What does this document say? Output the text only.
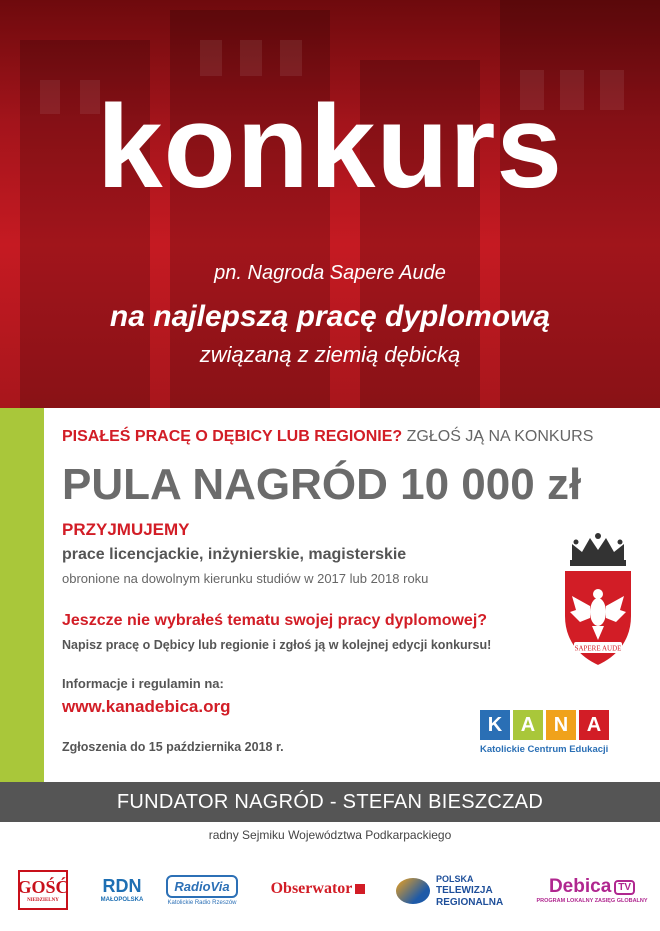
konkurs
pn. Nagroda Sapere Aude
na najlepszą pracę dyplomową
związaną z ziemią dębicką
PISAŁEŚ PRACĘ O DĘBICY LUB REGIONIE? ZGŁOŚ JĄ NA KONKURS
PULA NAGRÓD 10 000 zł
PRZYJMUJEMY
prace licencjackie, inżynierskie, magisterskie
obronione na dowolnym kierunku studiów w 2017 lub 2018 roku
Jeszcze nie wybrałeś tematu swojej pracy dyplomowej?
Napisz pracę o Dębicy lub regionie i zgłoś ją w kolejnej edycji konkursu!
Informacje i regulamin na:
www.kanadebica.org
Zgłoszenia do 15 października 2018 r.
SAPERE AUDE
K A N A
Katolickie Centrum Edukacji
FUNDATOR NAGRÓD - STEFAN BIESZCZAD
radny Sejmiku Województwa Podkarpackiego
GOŚĆ
NIEDZIELNY
RDN
MAŁOPOLSKA
RadioVia
Katolickie Radio Rzeszów
Obserwator
POLSKA
TELEWIZJA
REGIONALNA
Debica TV
PROGRAM LOKALNY ZASIĘG GLOBALNY
